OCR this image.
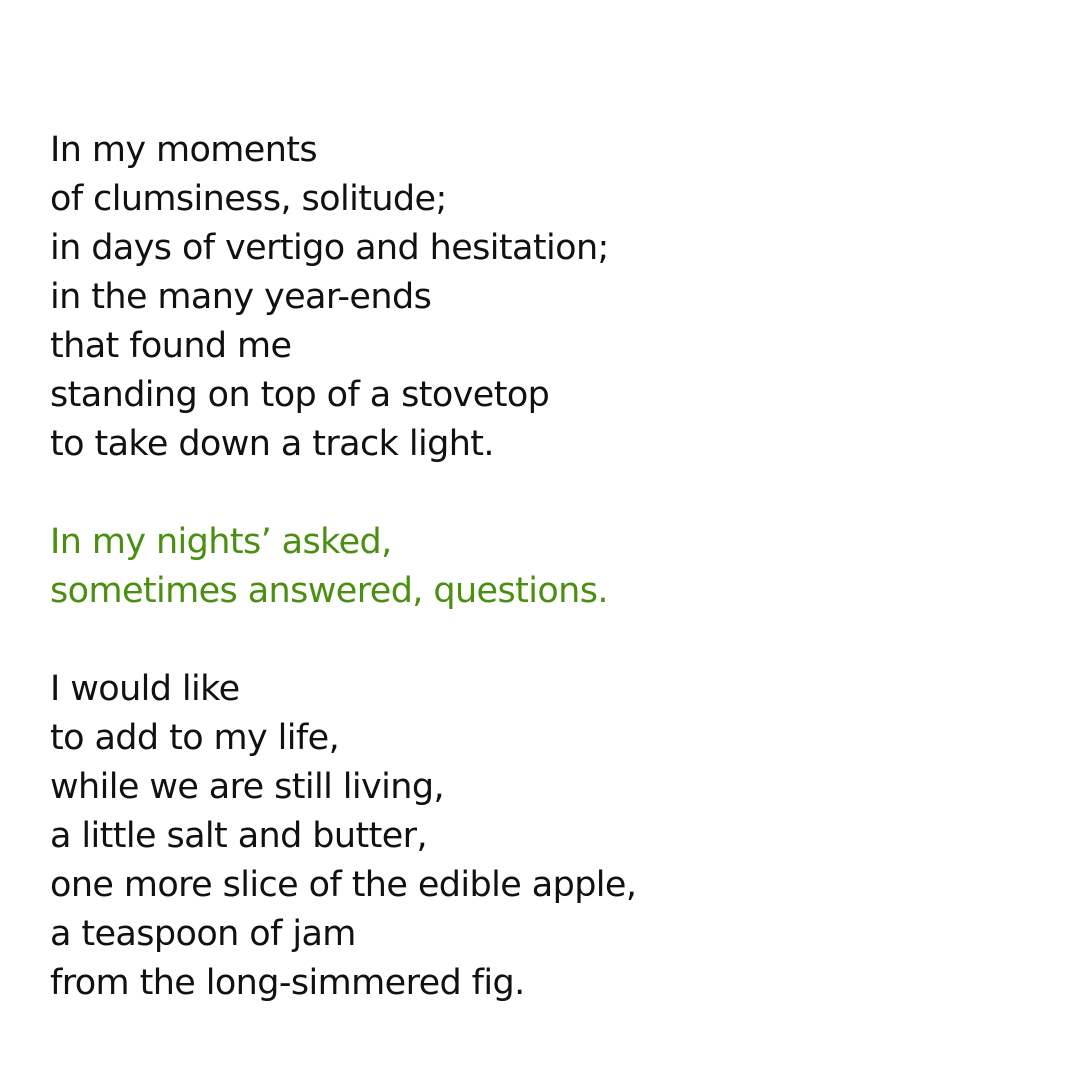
In my moments
of clumsiness, solitude;
in days of vertigo and hesitation;
in the many year-ends
that found me
standing on top of a stovetop
to take down a track light.
In my nights’ asked,
sometimes answered, questions.
I would like
to add to my life,
while we are still living,
a little salt and butter,
one more slice of the edible apple,
a teaspoon of jam
from the long-simmered fig.
